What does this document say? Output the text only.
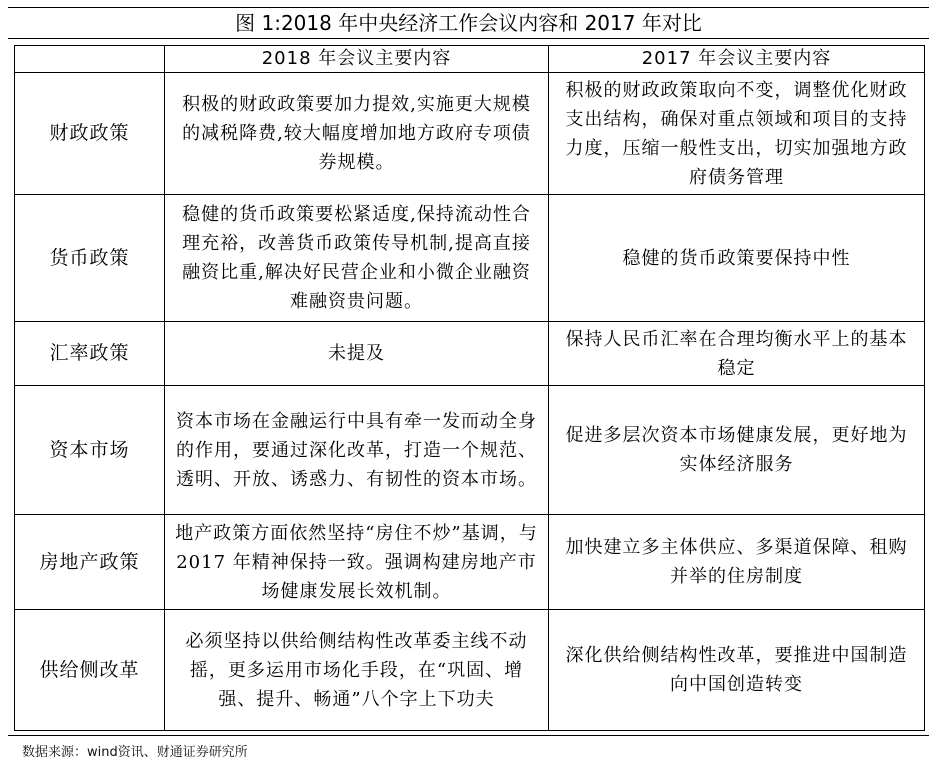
图 1:2018 年中央经济工作会议内容和 2017 年对比
	2018 年会议主要内容	2017 年会议主要内容
财政政策	积极的财政政策要加力提效,实施更大规模的减税降费,较大幅度增加地方政府专项债券规模。	积极的财政政策取向不变，调整优化财政支出结构，确保对重点领域和项目的支持力度，压缩一般性支出，切实加强地方政府债务管理
货币政策	稳健的货币政策要松紧适度,保持流动性合理充裕，改善货币政策传导机制,提高直接融资比重,解决好民营企业和小微企业融资难融资贵问题。	稳健的货币政策要保持中性
汇率政策	未提及	保持人民币汇率在合理均衡水平上的基本稳定
资本市场	资本市场在金融运行中具有牵一发而动全身的作用，要通过深化改革，打造一个规范、透明、开放、诱惑力、有韧性的资本市场。	促进多层次资本市场健康发展，更好地为实体经济服务
房地产政策	地产政策方面依然坚持“房住不炒”基调，与 2017 年精神保持一致。强调构建房地产市场健康发展长效机制。	加快建立多主体供应、多渠道保障、租购并举的住房制度
供给侧改革	必须坚持以供给侧结构性改革委主线不动摇，更多运用市场化手段，在“巩固、增强、提升、畅通”八个字上下功夫	深化供给侧结构性改革，要推进中国制造向中国创造转变
数据来源：wind资讯、财通证券研究所
